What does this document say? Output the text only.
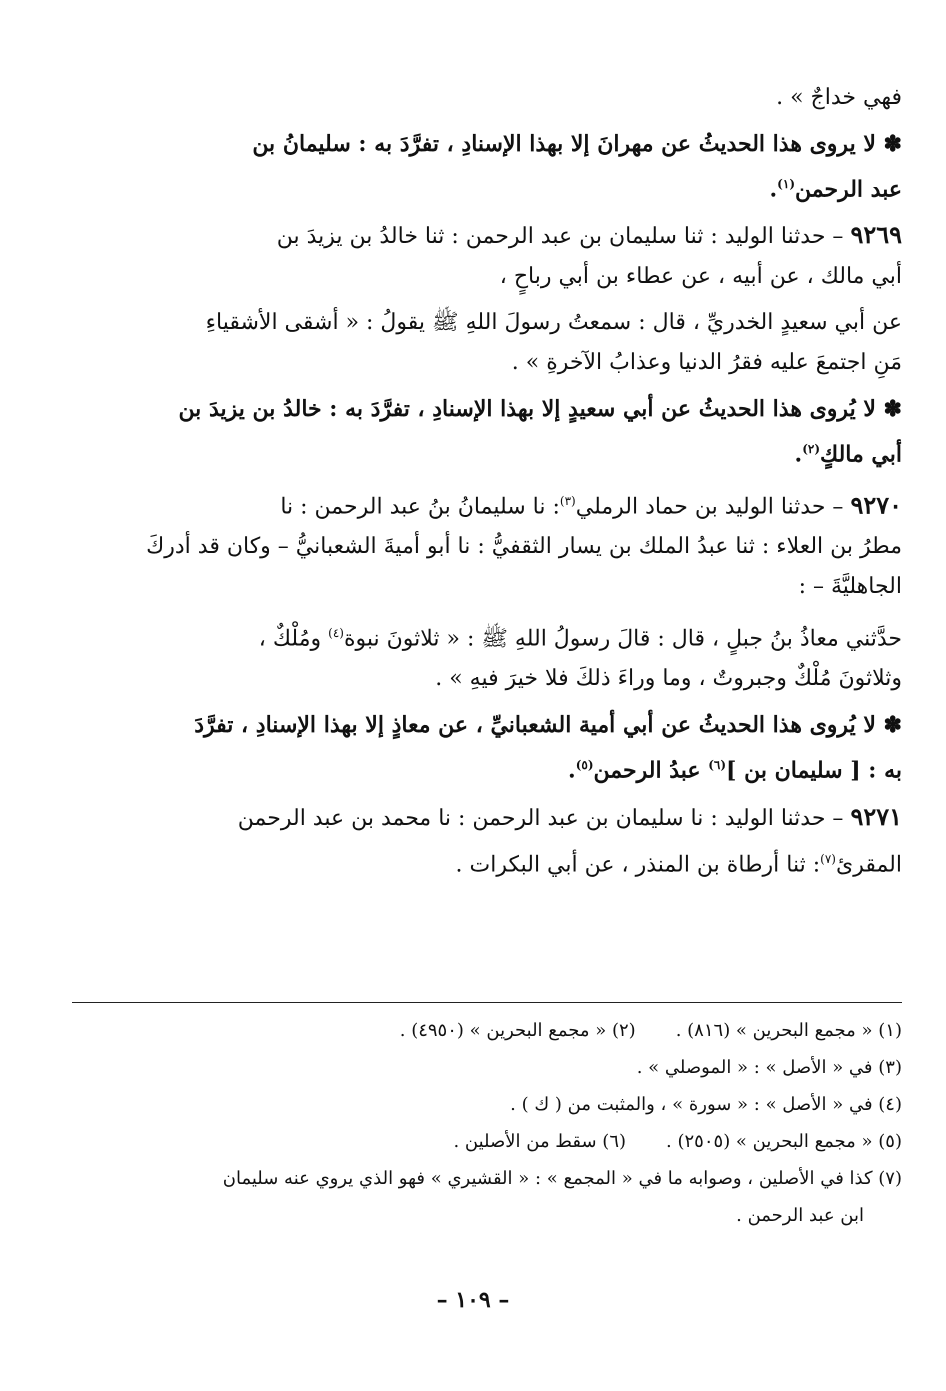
فهي خداجٌ » .

✽ لا يروى هذا الحديثُ عن مهرانَ إلا بهذا الإسنادِ ، تفرَّدَ به : سليمانُ بن

عبد الرحمن$^{(١)}$.

٩٢٦٩ – حدثنا الوليد : ثنا سليمان بن عبد الرحمن : ثنا خالدُ بن يزيدَ بن

أبي مالك ، عن أبيه ، عن عطاء بن أبي رباحٍ ،

عن أبي سعيدٍ الخدريِّ ، قال : سمعتُ رسولَ اللهِ ﷺ يقولُ : « أشقى الأشقياءِ

مَنِ اجتمعَ عليه فقرُ الدنيا وعذابُ الآخرةِ » .

✽ لا يُروى هذا الحديثُ عن أبي سعيدٍ إلا بهذا الإسنادِ ، تفرَّدَ به : خالدُ بن يزيدَ بن

أبي مالكٍ$^{(٢)}$.

٩٢٧٠ – حدثنا الوليد بن حماد الرملي$^{(٣)}$: نا سليمانُ بنُ عبد الرحمن : نا

مطرُ بن العلاء : ثنا عبدُ الملك بن يسار الثقفيُّ : نا أبو أميةَ الشعبانيُّ – وكان قد أدركَ

الجاهليَّةَ – :

حدَّثني معاذُ بنُ جبلٍ ، قال : قالَ رسولُ اللهِ ﷺ : « ثلاثونَ نبوة$^{(٤)}$ ومُلْكٌ ،

وثلاثونَ مُلْكٌ وجبروتٌ ، وما وراءَ ذلكَ فلا خيرَ فيهِ » .

✽ لا يُروى هذا الحديثُ عن أبي أمية الشعبانيِّ ، عن معاذٍ إلا بهذا الإسنادِ ، تفرَّدَ

به : [ سليمان بن ]$^{(٦)}$ عبدُ الرحمن$^{(٥)}$.

٩٢٧١ – حدثنا الوليد : نا سليمان بن عبد الرحمن : نا محمد بن عبد الرحمن

المقرئ$^{(٧)}$: ثنا أرطاة بن المنذر ، عن أبي البكرات .

(١) « مجمع البحرين » (٨١٦) .
(٢) « مجمع البحرين » (٤٩٥٠) .
(٣) في « الأصل » : « الموصلي » .
(٤) في « الأصل » : « سورة » ، والمثبت من ( ك ) .
(٥) « مجمع البحرين » (٢٥٠٥) .
(٦) سقط من الأصلين .
(٧) كذا في الأصلين ، وصوابه ما في « المجمع » : « القشيري » فهو الذي يروي عنه سليمان
ابن عبد الرحمن .
– ١٠٩ –
